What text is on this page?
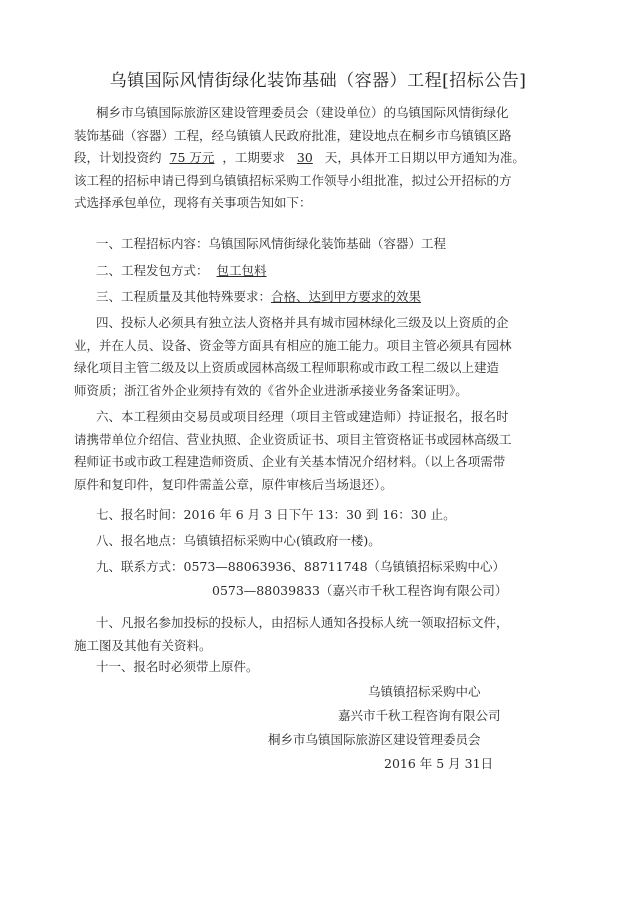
乌镇国际风情街绿化装饰基础（容器）工程[招标公告]
桐乡市乌镇国际旅游区建设管理委员会（建设单位）的乌镇国际风情街绿化
装饰基础（容器）工程，经乌镇镇人民政府批准，建设地点在桐乡市乌镇镇区路
段，计划投资约 75 万元 ，工期要求 30 天，具体开工日期以甲方通知为准。
该工程的招标申请已得到乌镇镇招标采购工作领导小组批准，拟过公开招标的方
式选择承包单位，现将有关事项告知如下：
一、工程招标内容：乌镇国际风情街绿化装饰基础（容器）工程
二、工程发包方式： 包工包料
三、工程质量及其他特殊要求：合格、达到甲方要求的效果
四、投标人必须具有独立法人资格并具有城市园林绿化三级及以上资质的企
业，并在人员、设备、资金等方面具有相应的施工能力。项目主管必须具有园林
绿化项目主管二级及以上资质或园林高级工程师职称或市政工程二级以上建造
师资质；浙江省外企业须持有效的《省外企业进浙承接业务备案证明》。
六、本工程须由交易员或项目经理（项目主管或建造师）持证报名，报名时
请携带单位介绍信、营业执照、企业资质证书、项目主管资格证书或园林高级工
程师证书或市政工程建造师资质、企业有关基本情况介绍材料。（以上各项需带
原件和复印件，复印件需盖公章，原件审核后当场退还）。
七、报名时间：2016 年 6 月 3 日下午 13：30 到 16：30 止。
八、报名地点：乌镇镇招标采购中心(镇政府一楼)。
九、联系方式：0573—88063936、88711748（乌镇镇招标采购中心）
0573—88039833（嘉兴市千秋工程咨询有限公司）
十、凡报名参加投标的投标人，由招标人通知各投标人统一领取招标文件，
施工图及其他有关资料。
十一、报名时必须带上原件。
乌镇镇招标采购中心
嘉兴市千秋工程咨询有限公司
桐乡市乌镇国际旅游区建设管理委员会
2016 年 5 月 31日
